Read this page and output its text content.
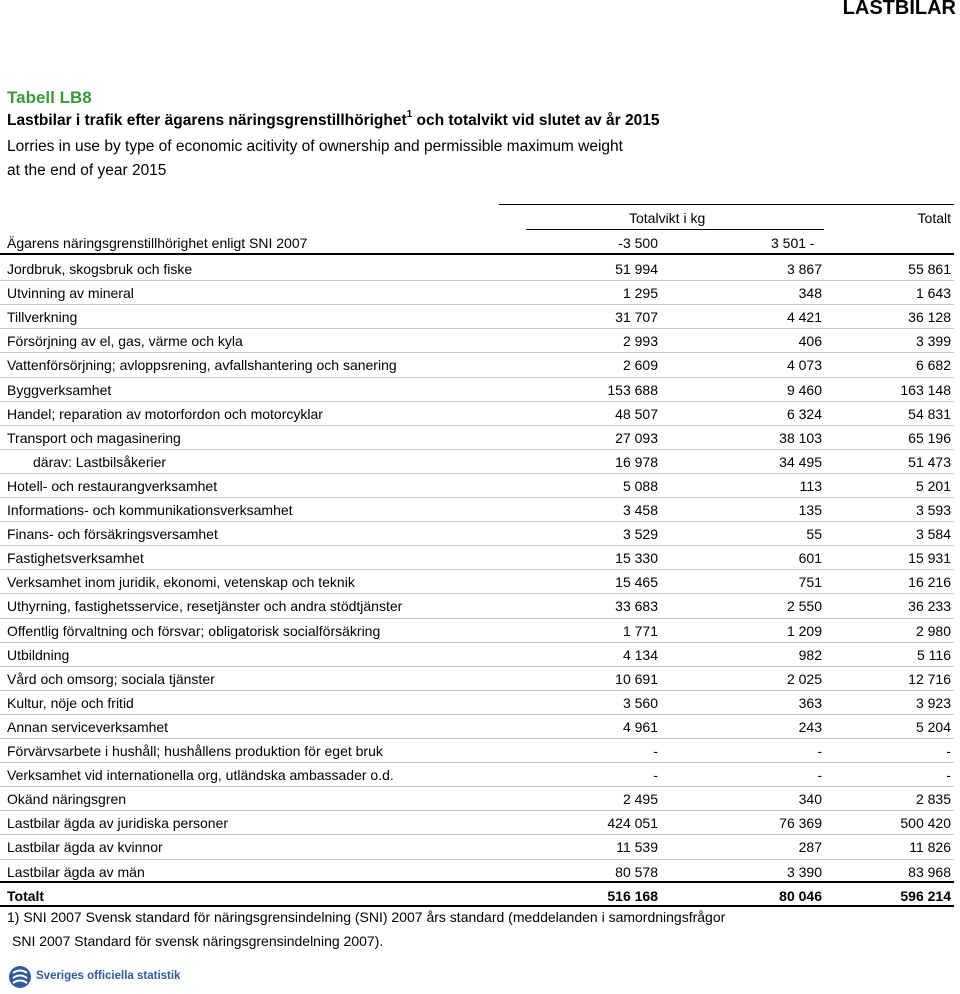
LASTBILAR
Tabell LB8
Lastbilar i trafik efter ägarens näringsgrenstillhörighet$^1$ och totalvikt vid slutet av år 2015
Lorries in use by type of economic acitivity of ownership and permissible maximum weight
at the end of year 2015
Totalvikt i kg	Totalt
Ägarens näringsgrenstillhörighet enligt SNI 2007	-3 500	3 501 -
Jordbruk, skogsbruk och fiske	51 994	3 867	55 861
Utvinning av mineral	1 295	348	1 643
Tillverkning	31 707	4 421	36 128
Försörjning av el, gas, värme och kyla	2 993	406	3 399
Vattenförsörjning; avloppsrening, avfallshantering och sanering	2 609	4 073	6 682
Byggverksamhet	153 688	9 460	163 148
Handel; reparation av motorfordon och motorcyklar	48 507	6 324	54 831
Transport och magasinering	27 093	38 103	65 196
därav: Lastbilsåkerier	16 978	34 495	51 473
Hotell- och restaurangverksamhet	5 088	113	5 201
Informations- och kommunikationsverksamhet	3 458	135	3 593
Finans- och försäkringsversamhet	3 529	55	3 584
Fastighetsverksamhet	15 330	601	15 931
Verksamhet inom juridik, ekonomi, vetenskap och teknik	15 465	751	16 216
Uthyrning, fastighetsservice, resetjänster och andra stödtjänster	33 683	2 550	36 233
Offentlig förvaltning och försvar; obligatorisk socialförsäkring	1 771	1 209	2 980
Utbildning	4 134	982	5 116
Vård och omsorg; sociala tjänster	10 691	2 025	12 716
Kultur, nöje och fritid	3 560	363	3 923
Annan serviceverksamhet	4 961	243	5 204
Förvärvsarbete i hushåll; hushållens produktion för eget bruk	-	-	-
Verksamhet vid internationella org, utländska ambassader o.d.	-	-	-
Okänd näringsgren	2 495	340	2 835
Lastbilar ägda av juridiska personer	424 051	76 369	500 420
Lastbilar ägda av kvinnor	11 539	287	11 826
Lastbilar ägda av män	80 578	3 390	83 968
Totalt	516 168	80 046	596 214
1) SNI 2007 Svensk standard för näringsgrensindelning (SNI) 2007 års standard (meddelanden i samordningsfrågor
SNI 2007 Standard för svensk näringsgrensindelning 2007).
Sveriges officiella statistik
